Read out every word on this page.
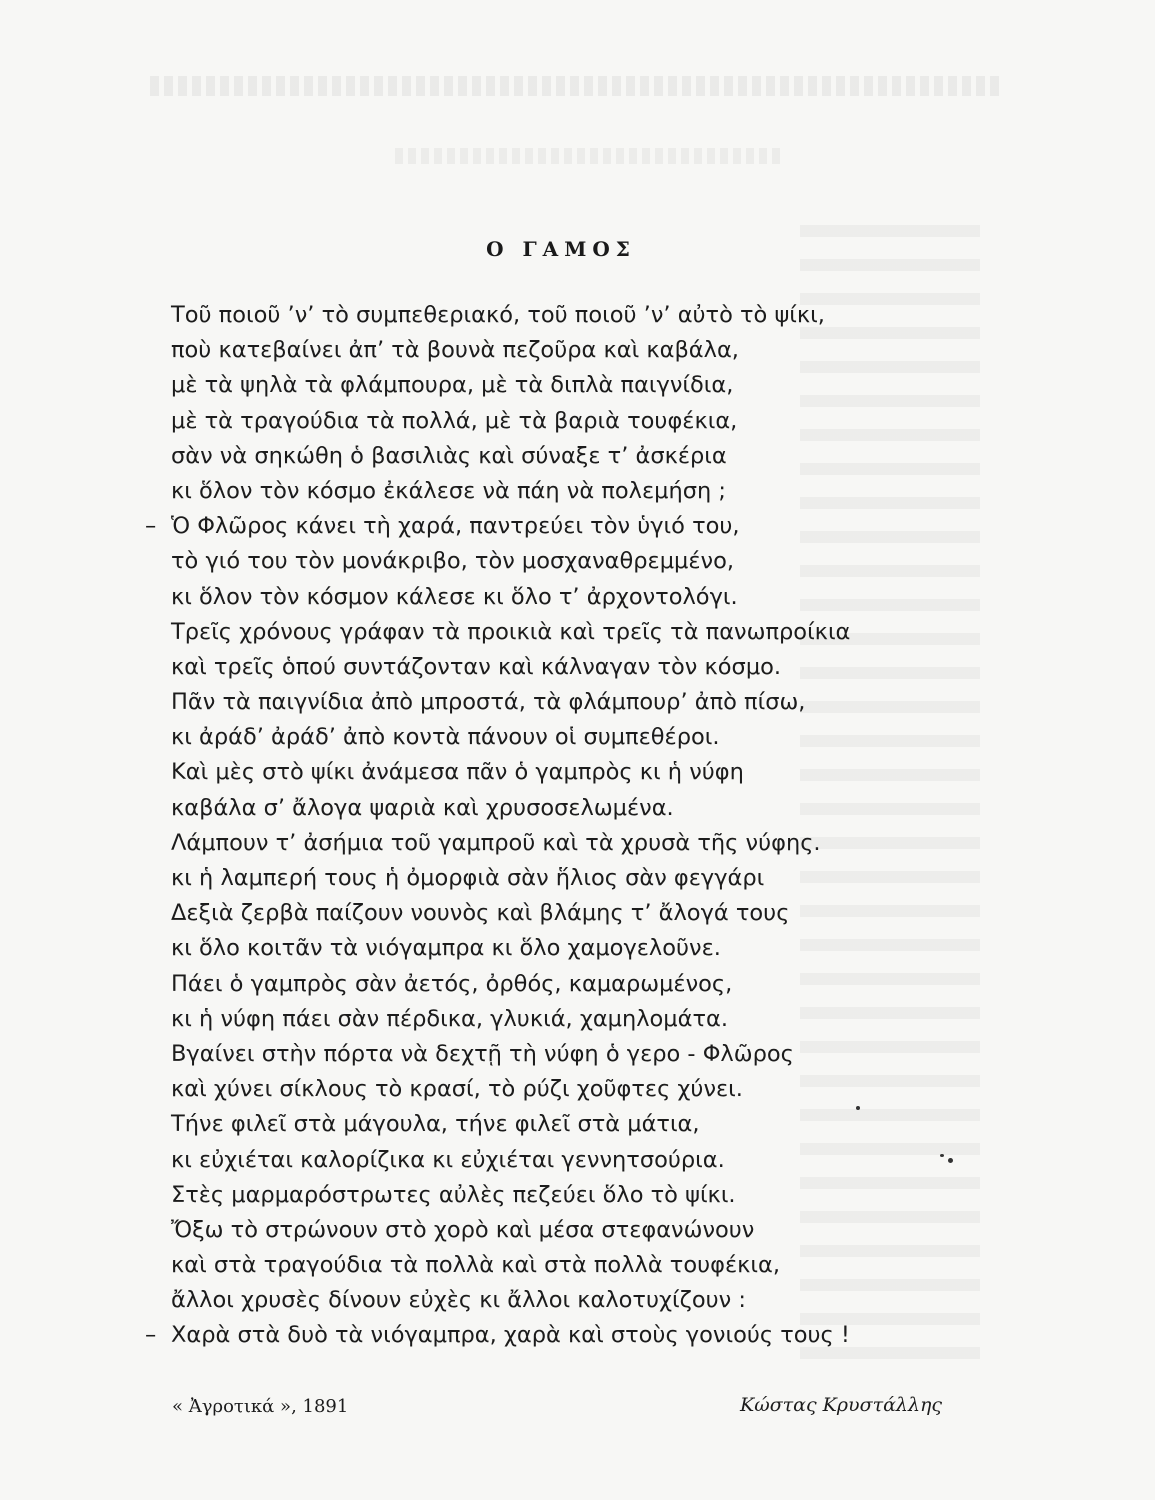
Ο ΓΑΜΟΣ
Τοῦ ποιοῦ ’ν’ τὸ συμπεθεριακό, τοῦ ποιοῦ ’ν’ αὐτὸ τὸ ψίκι,
ποὺ κατεβαίνει ἀπ’ τὰ βουνὰ πεζοῦρα καὶ καβάλα,
μὲ τὰ ψηλὰ τὰ φλάμπουρα, μὲ τὰ διπλὰ παιγνίδια,
μὲ τὰ τραγούδια τὰ πολλά, μὲ τὰ βαριὰ τουφέκια,
σὰν νὰ σηκώθη ὁ βασιλιὰς καὶ σύναξε τ’ ἀσκέρια
κι ὅλον τὸν κόσμο ἐκάλεσε νὰ πάη νὰ πολεμήση ;
– Ὁ Φλῶρος κάνει τὴ χαρά, παντρεύει τὸν ὑγιό του,
τὸ γιό του τὸν μονάκριβο, τὸν μοσχαναθρεμμένο,
κι ὅλον τὸν κόσμον κάλεσε κι ὅλο τ’ ἀρχοντολόγι.
Τρεῖς χρόνους γράφαν τὰ προικιὰ καὶ τρεῖς τὰ πανωπροίκια
καὶ τρεῖς ὁπού συντάζονταν καὶ κάλναγαν τὸν κόσμο.
Πᾶν τὰ παιγνίδια ἀπὸ μπροστά, τὰ φλάμπουρ’ ἀπὸ πίσω,
κι ἀράδ’ ἀράδ’ ἀπὸ κοντὰ πάνουν οἱ συμπεθέροι.
Καὶ μὲς στὸ ψίκι ἀνάμεσα πᾶν ὁ γαμπρὸς κι ἡ νύφη
καβάλα σ’ ἄλογα ψαριὰ καὶ χρυσοσελωμένα.
Λάμπουν τ’ ἀσήμια τοῦ γαμπροῦ καὶ τὰ χρυσὰ τῆς νύφης.
κι ἡ λαμπερή τους ἡ ὀμορφιὰ σὰν ἥλιος σὰν φεγγάρι
Δεξιὰ ζερβὰ παίζουν νουνὸς καὶ βλάμης τ’ ἄλογά τους
κι ὅλο κοιτᾶν τὰ νιόγαμπρα κι ὅλο χαμογελοῦνε.
Πάει ὁ γαμπρὸς σὰν ἀετός, ὀρθός, καμαρωμένος,
κι ἡ νύφη πάει σὰν πέρδικα, γλυκιά, χαμηλομάτα.
Βγαίνει στὴν πόρτα νὰ δεχτῇ τὴ νύφη ὁ γερο - Φλῶρος
καὶ χύνει σίκλους τὸ κρασί, τὸ ρύζι χοῦφτες χύνει.
Τήνε φιλεῖ στὰ μάγουλα, τήνε φιλεῖ στὰ μάτια,
κι εὐχιέται καλορίζικα κι εὐχιέται γεννητσούρια.
Στὲς μαρμαρόστρωτες αὐλὲς πεζεύει ὅλο τὸ ψίκι.
Ὄξω τὸ στρώνουν στὸ χορὸ καὶ μέσα στεφανώνουν
καὶ στὰ τραγούδια τὰ πολλὰ καὶ στὰ πολλὰ τουφέκια,
ἄλλοι χρυσὲς δίνουν εὐχὲς κι ἄλλοι καλοτυχίζουν :
– Χαρὰ στὰ δυὸ τὰ νιόγαμπρα, χαρὰ καὶ στοὺς γονιούς τους !
« Ἀγροτικά », 1891	Κώστας Κρυστάλλης
